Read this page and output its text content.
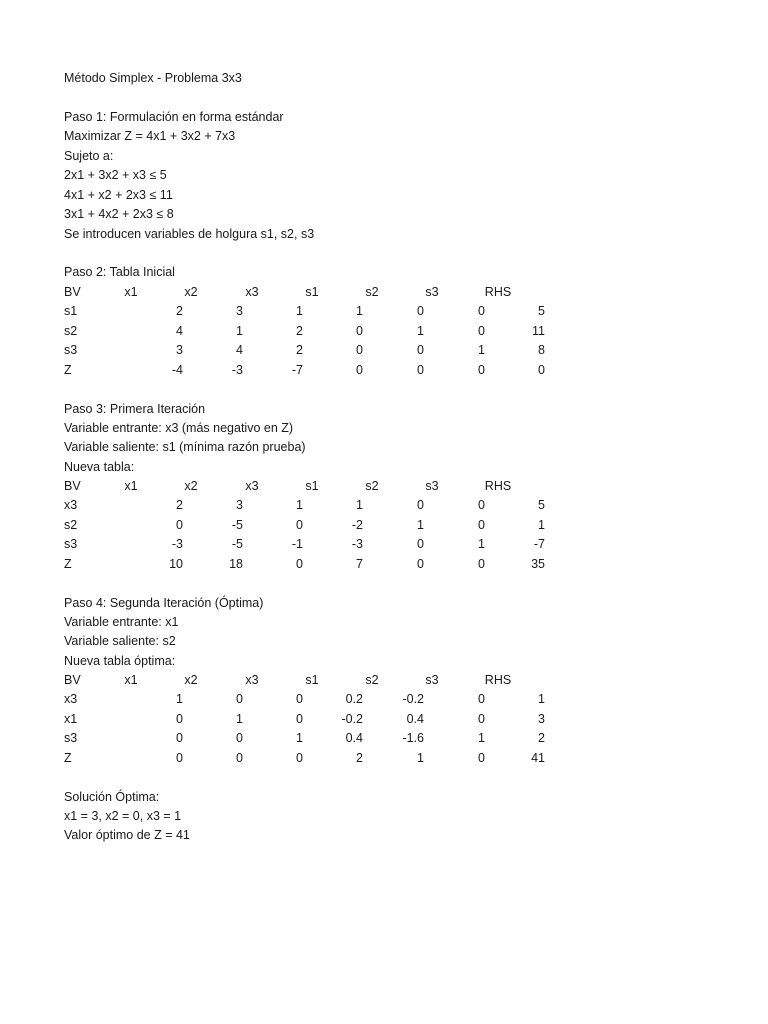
Método Simplex - Problema 3x3
Paso 1: Formulación en forma estándar
Maximizar Z = 4x1 + 3x2 + 7x3
Sujeto a:
2x1 + 3x2 + x3 ≤ 5
4x1 + x2 + 2x3 ≤ 11
3x1 + 4x2 + 2x3 ≤ 8
Se introducen variables de holgura s1, s2, s3
Paso 2: Tabla Inicial
Paso 3: Primera Iteración
Variable entrante: x3 (más negativo en Z)
Variable saliente: s1 (mínima razón prueba)
Nueva tabla:
Paso 4: Segunda Iteración (Óptima)
Variable entrante: x1
Variable saliente: s2
Nueva tabla óptima:
Solución Óptima:
x1 = 3, x2 = 0, x3 = 1
Valor óptimo de Z = 41
BV	x1	x2	x3	s1	s2	s3	RHS
s1	2	3	1	1	0	0	5
s2	4	1	2	0	1	0	11
s3	3	4	2	0	0	1	8
Z	-4	-3	-7	0	0	0	0
BV	x1	x2	x3	s1	s2	s3	RHS
x3	2	3	1	1	0	0	5
s2	0	-5	0	-2	1	0	1
s3	-3	-5	-1	-3	0	1	-7
Z	10	18	0	7	0	0	35
BV	x1	x2	x3	s1	s2	s3	RHS
x3	1	0	0	0.2	-0.2	0	1
x1	0	1	0	-0.2	0.4	0	3
s3	0	0	1	0.4	-1.6	1	2
Z	0	0	0	2	1	0	41
